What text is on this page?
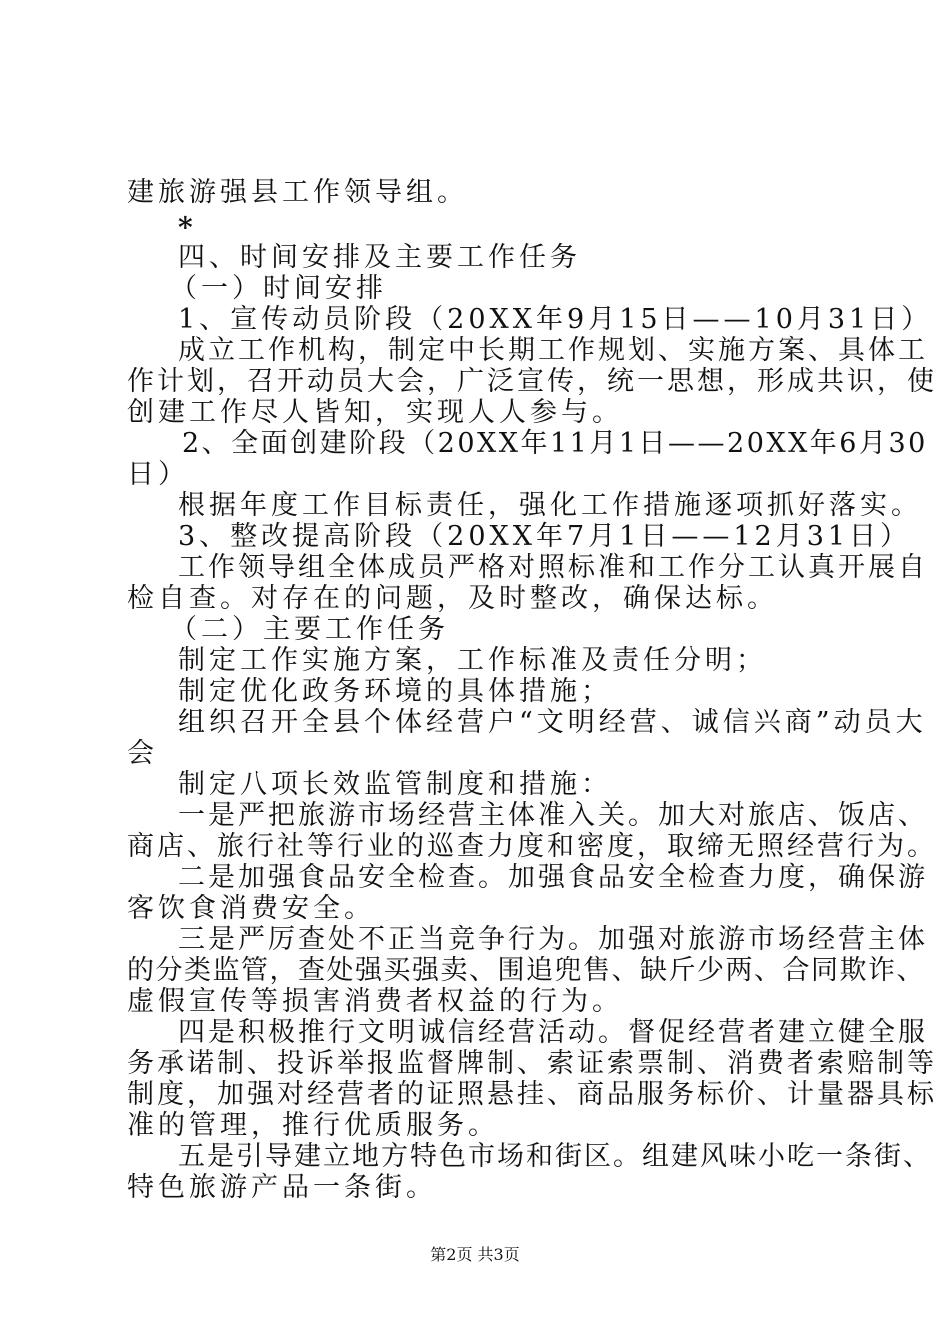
建旅游强县工作领导组。
*
四、时间安排及主要工作任务
（一）时间安排
1、宣传动员阶段（20XX年9月15日——10月31日）
成立工作机构，制定中长期工作规划、实施方案、具体工
作计划，召开动员大会，广泛宣传，统一思想，形成共识，使
创建工作尽人皆知，实现人人参与。
2、全面创建阶段（20XX年11月1日——20XX年6月30
日）
根据年度工作目标责任，强化工作措施逐项抓好落实。
3、整改提高阶段（20XX年7月1日——12月31日）
工作领导组全体成员严格对照标准和工作分工认真开展自
检自查。对存在的问题，及时整改，确保达标。
（二）主要工作任务
制定工作实施方案，工作标准及责任分明；
制定优化政务环境的具体措施；
组织召开全县个体经营户“文明经营、诚信兴商”动员大
会
制定八项长效监管制度和措施：
一是严把旅游市场经营主体准入关。加大对旅店、饭店、
商店、旅行社等行业的巡查力度和密度，取缔无照经营行为。
二是加强食品安全检查。加强食品安全检查力度，确保游
客饮食消费安全。
三是严厉查处不正当竞争行为。加强对旅游市场经营主体
的分类监管，查处强买强卖、围追兜售、缺斤少两、合同欺诈、
虚假宣传等损害消费者权益的行为。
四是积极推行文明诚信经营活动。督促经营者建立健全服
务承诺制、投诉举报监督牌制、索证索票制、消费者索赔制等
制度，加强对经营者的证照悬挂、商品服务标价、计量器具标
准的管理，推行优质服务。
五是引导建立地方特色市场和街区。组建风味小吃一条街、
特色旅游产品一条街。
第2页 共3页
